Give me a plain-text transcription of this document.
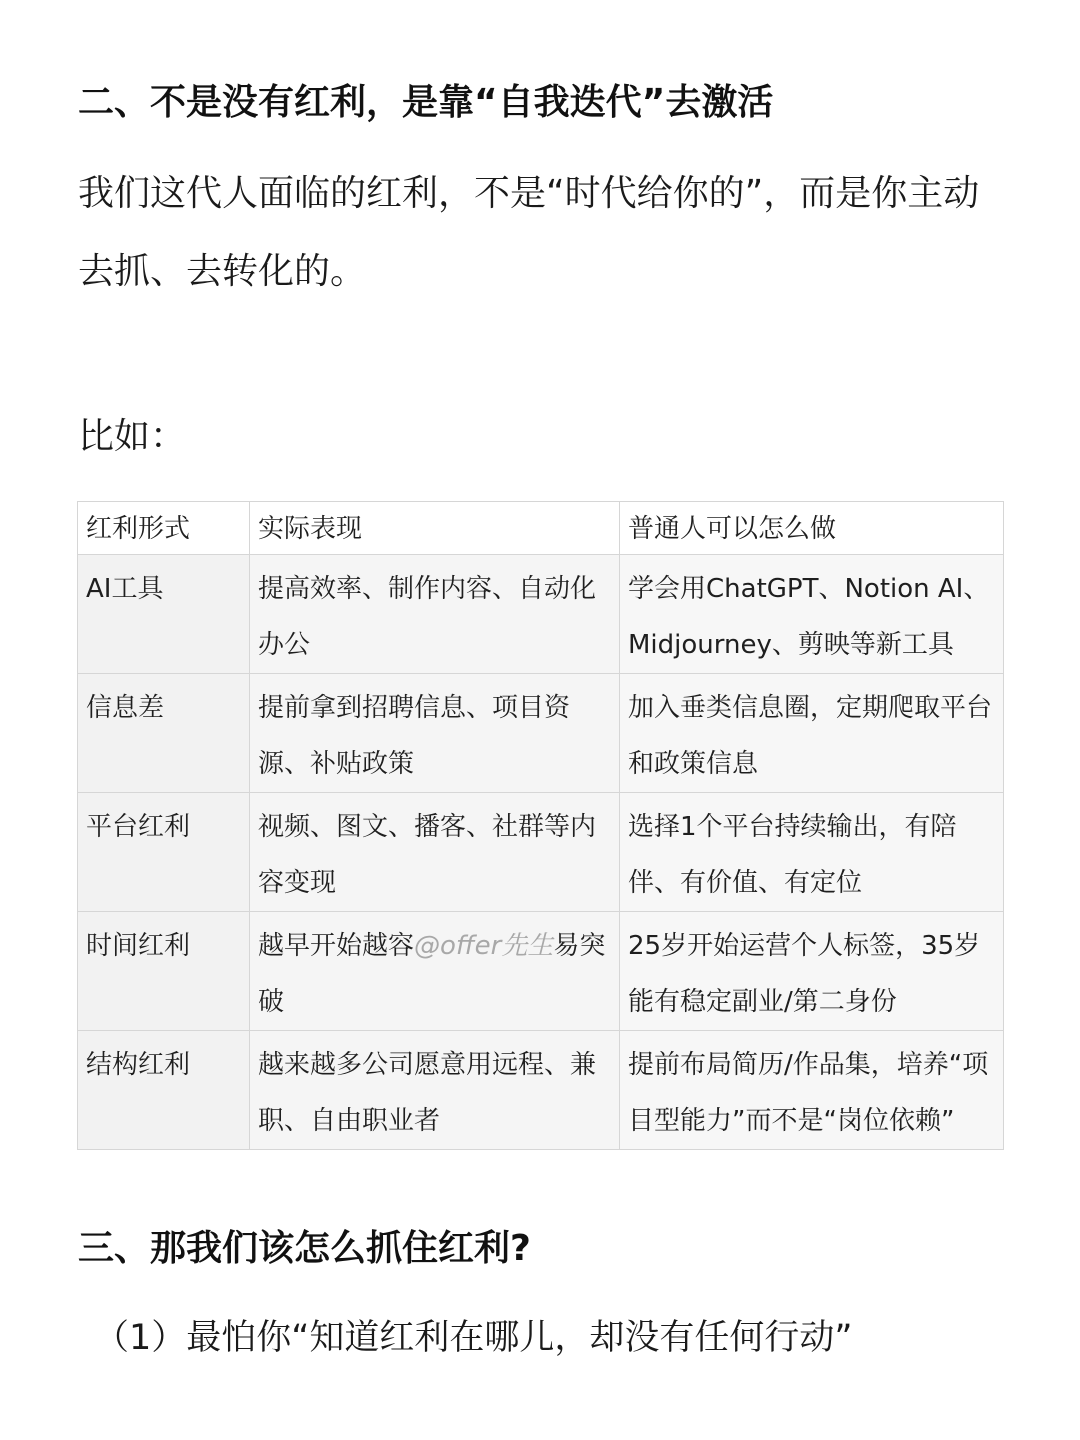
二、不是没有红利，是靠“自我迭代”去激活
我们这代人面临的红利，不是“时代给你的”，而是你主动去抓、去转化的。
比如：
红利形式	实际表现	普通人可以怎么做
AI工具	提高效率、制作内容、自动化办公	学会用ChatGPT、Notion AI、Midjourney、剪映等新工具
信息差	提前拿到招聘信息、项目资源、补贴政策	加入垂类信息圈，定期爬取平台和政策信息
平台红利	视频、图文、播客、社群等内容变现	选择1个平台持续输出，有陪伴、有价值、有定位
时间红利	越早开始越容@offer先生易突破	25岁开始运营个人标签，35岁能有稳定副业/第二身份
结构红利	越来越多公司愿意用远程、兼职、自由职业者	提前布局简历/作品集，培养“项目型能力”而不是“岗位依赖”
三、那我们该怎么抓住红利?
（1）最怕你“知道红利在哪儿，却没有任何行动”
